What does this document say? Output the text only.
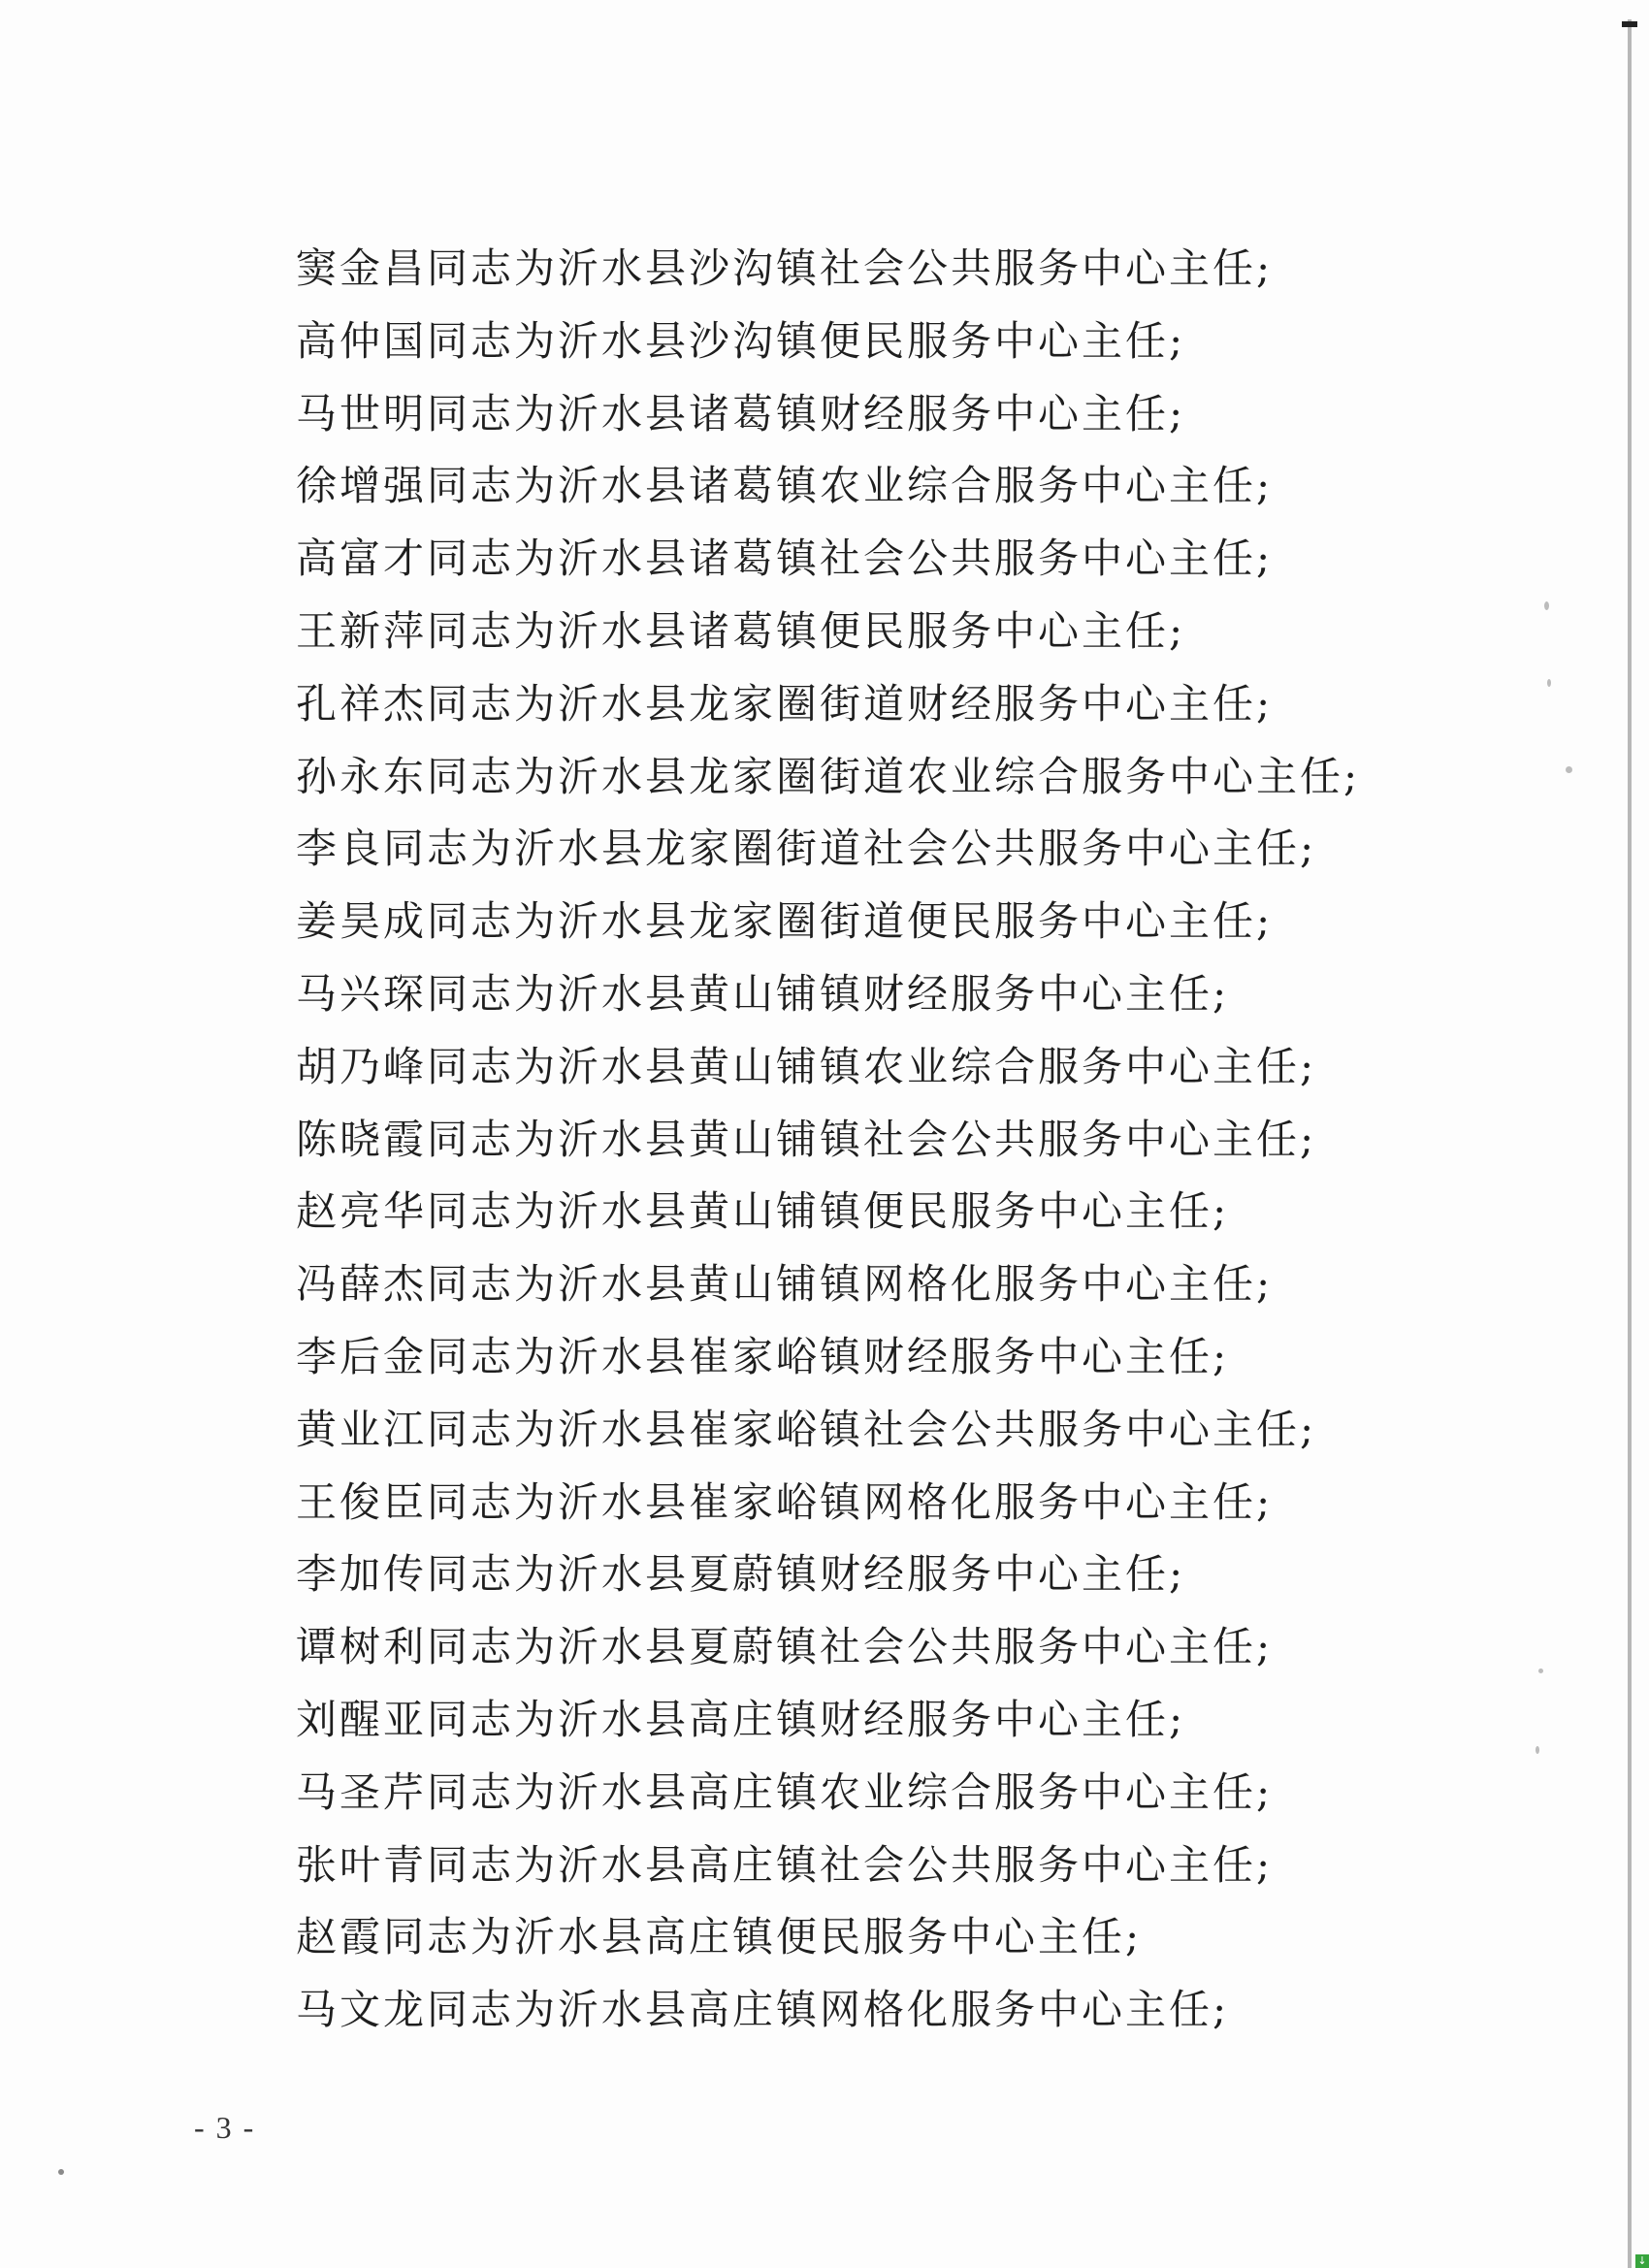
窦金昌同志为沂水县沙沟镇社会公共服务中心主任;
高仲国同志为沂水县沙沟镇便民服务中心主任;
马世明同志为沂水县诸葛镇财经服务中心主任;
徐增强同志为沂水县诸葛镇农业综合服务中心主任;
高富才同志为沂水县诸葛镇社会公共服务中心主任;
王新萍同志为沂水县诸葛镇便民服务中心主任;
孔祥杰同志为沂水县龙家圈街道财经服务中心主任;
孙永东同志为沂水县龙家圈街道农业综合服务中心主任;
李良同志为沂水县龙家圈街道社会公共服务中心主任;
姜昊成同志为沂水县龙家圈街道便民服务中心主任;
马兴琛同志为沂水县黄山铺镇财经服务中心主任;
胡乃峰同志为沂水县黄山铺镇农业综合服务中心主任;
陈晓霞同志为沂水县黄山铺镇社会公共服务中心主任;
赵亮华同志为沂水县黄山铺镇便民服务中心主任;
冯薛杰同志为沂水县黄山铺镇网格化服务中心主任;
李后金同志为沂水县崔家峪镇财经服务中心主任;
黄业江同志为沂水县崔家峪镇社会公共服务中心主任;
王俊臣同志为沂水县崔家峪镇网格化服务中心主任;
李加传同志为沂水县夏蔚镇财经服务中心主任;
谭树利同志为沂水县夏蔚镇社会公共服务中心主任;
刘醒亚同志为沂水县高庄镇财经服务中心主任;
马圣芹同志为沂水县高庄镇农业综合服务中心主任;
张叶青同志为沂水县高庄镇社会公共服务中心主任;
赵霞同志为沂水县高庄镇便民服务中心主任;
马文龙同志为沂水县高庄镇网格化服务中心主任;
- 3 -
↓
